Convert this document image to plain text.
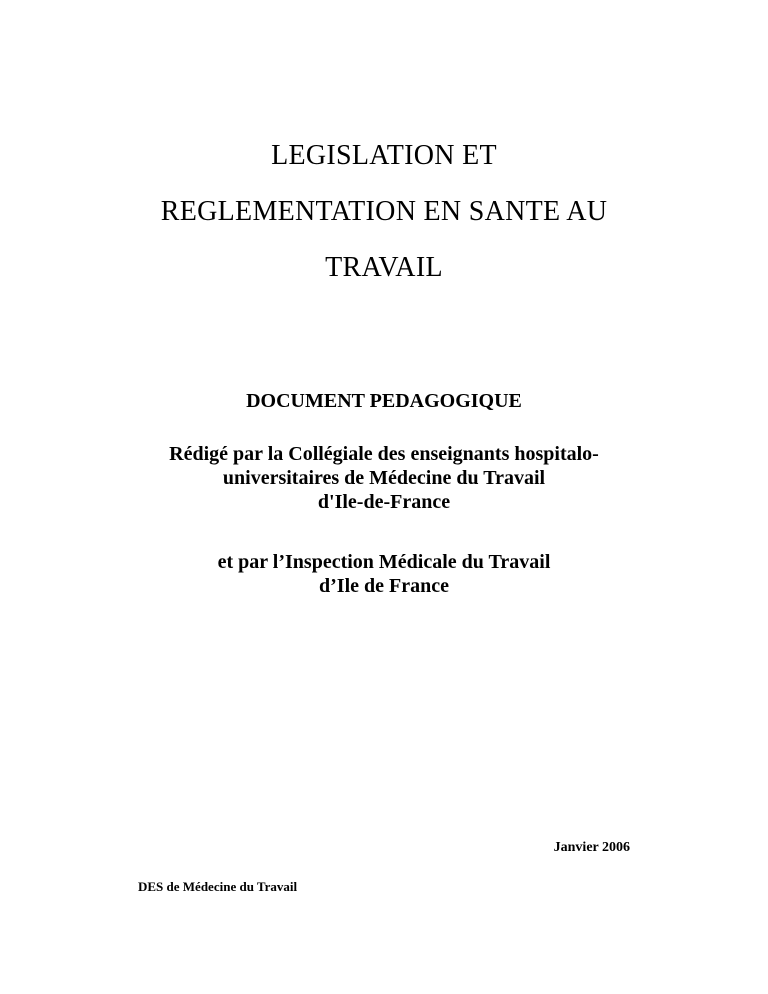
LEGISLATION ET
REGLEMENTATION EN SANTE AU
TRAVAIL
DOCUMENT PEDAGOGIQUE
Rédigé par la Collégiale des enseignants hospitalo-
universitaires de Médecine du Travail
d'Ile-de-France
et par l’Inspection Médicale du Travail
d’Ile de France
Janvier 2006
DES de Médecine du Travail
